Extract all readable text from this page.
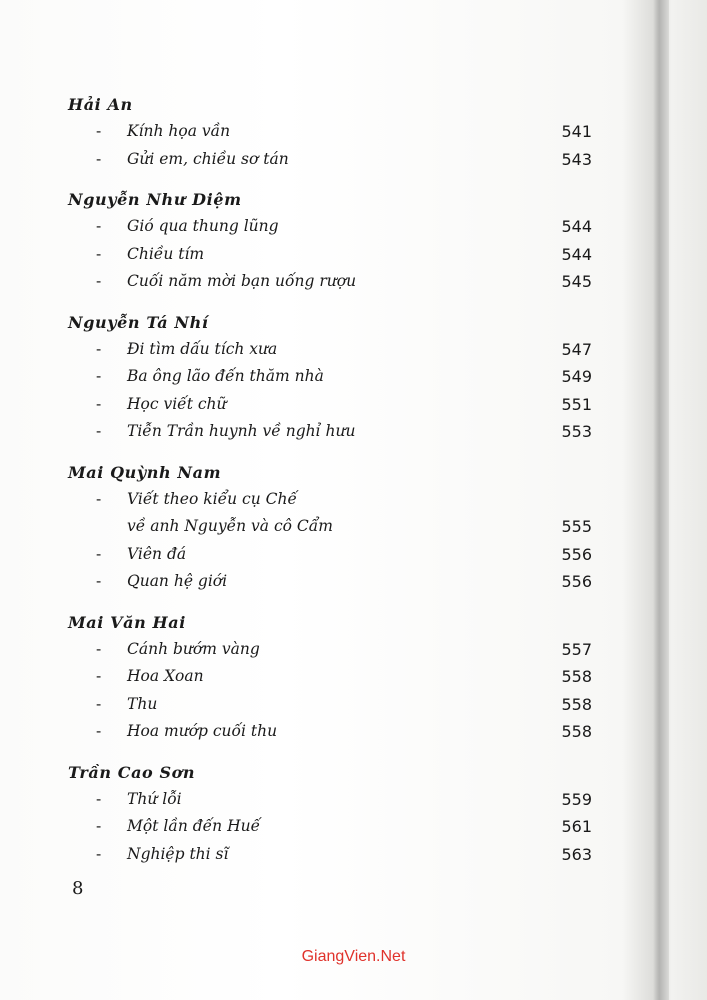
Hải An
- Kính họa vần	541
- Gửi em, chiều sơ tán	543
Nguyễn Như Diệm
- Gió qua thung lũng	544
- Chiều tím	544
- Cuối năm mời bạn uống rượu	545
Nguyễn Tá Nhí
- Đi tìm dấu tích xưa	547
- Ba ông lão đến thăm nhà	549
- Học viết chữ	551
- Tiễn Trần huynh về nghỉ hưu	553
Mai Quỳnh Nam
- Viết theo kiểu cụ Chế
về anh Nguyễn và cô Cẩm	555
- Viên đá	556
- Quan hệ giới	556
Mai Văn Hai
- Cánh bướm vàng	557
- Hoa Xoan	558
- Thu	558
- Hoa mướp cuối thu	558
Trần Cao Sơn
- Thứ lỗi	559
- Một lần đến Huế	561
- Nghiệp thi sĩ	563
8
GiangVien.Net
